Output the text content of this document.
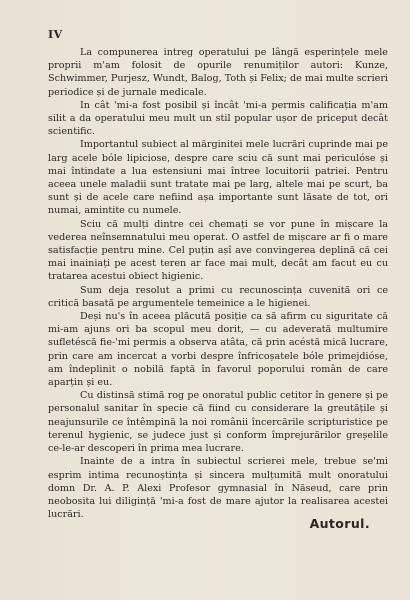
IV

La compunerea intreg operatului pe lângă esperințele mele proprii m'am folosit de opurile renumiților autori: Kunze, Schwimmer, Purjesz, Wundt, Balog, Toth și Felix; de mai multe scrieri periodice și de jurnale medicale.

In cât 'mi-a fost posibil și încât 'mi-a permis calificația m'am silit a da operatului meu mult un stil popular ușor de priceput decât scientific.

Importantul subiect al mărginitei mele lucrări cuprinde mai pe larg acele bóle lipiciose, despre care sciu că sunt mai periculóse și mai întindate a lua estensiuni mai întree locuitorii patriei. Pentru aceea unele maladii sunt tratate mai pe larg, altele mai pe scurt, ba sunt și de acele care nefiind așa importante sunt lăsate de tot, ori numai, amintite cu numele.

Sciu că mulți dintre cei chemați se vor pune în mișcare la vederea neînsemnatului meu operat. O astfel de mișcare ar fi o mare satisfacție pentru mine. Cel puțin așî ave convingerea deplină că cei mai inainiați pe acest teren ar face mai mult, decât am facut eu cu tratarea acestui obiect higienic.

Sum deja resolut a primi cu recunoscința cuvenită ori ce critică basată pe argumentele temeinice a le higienei.

Deși nu's în aceea plăcută posiție ca să afirm cu siguritate că mi-am ajuns ori ba scopul meu dorit, — cu adeverată multumire sufletéscă fie-'mi permis a observa atâta, că prin acéstă mică lucrare, prin care am incercat a vorbi despre înfricoșatele bóle primejdióse, am îndeplinit o nobilă faptă în favorul poporului român de care aparțin și eu.

Cu distinsă stimă rog pe onoratul public cetitor în genere și pe personalul sanitar în specie că fiind cu considerare la greutățile și neajunsurile ce întêmpină la noi românii încercările scripturistice pe terenul hygienic, se judece just și conform împrejurărilor greșelile ce-le-ar descoperi în prima mea lucrare.

Inainte de a intra în subiectul scrierei mele, trebue se'mi esprim intima recunoștința și sincera mulțumită mult onoratului domn Dr. A. P. Alexi Profesor gymnasial în Năseud, care prin neobosita lui diligință 'mi-a fost de mare ajutor la realisarea acestei lucrări.

Autorul.
